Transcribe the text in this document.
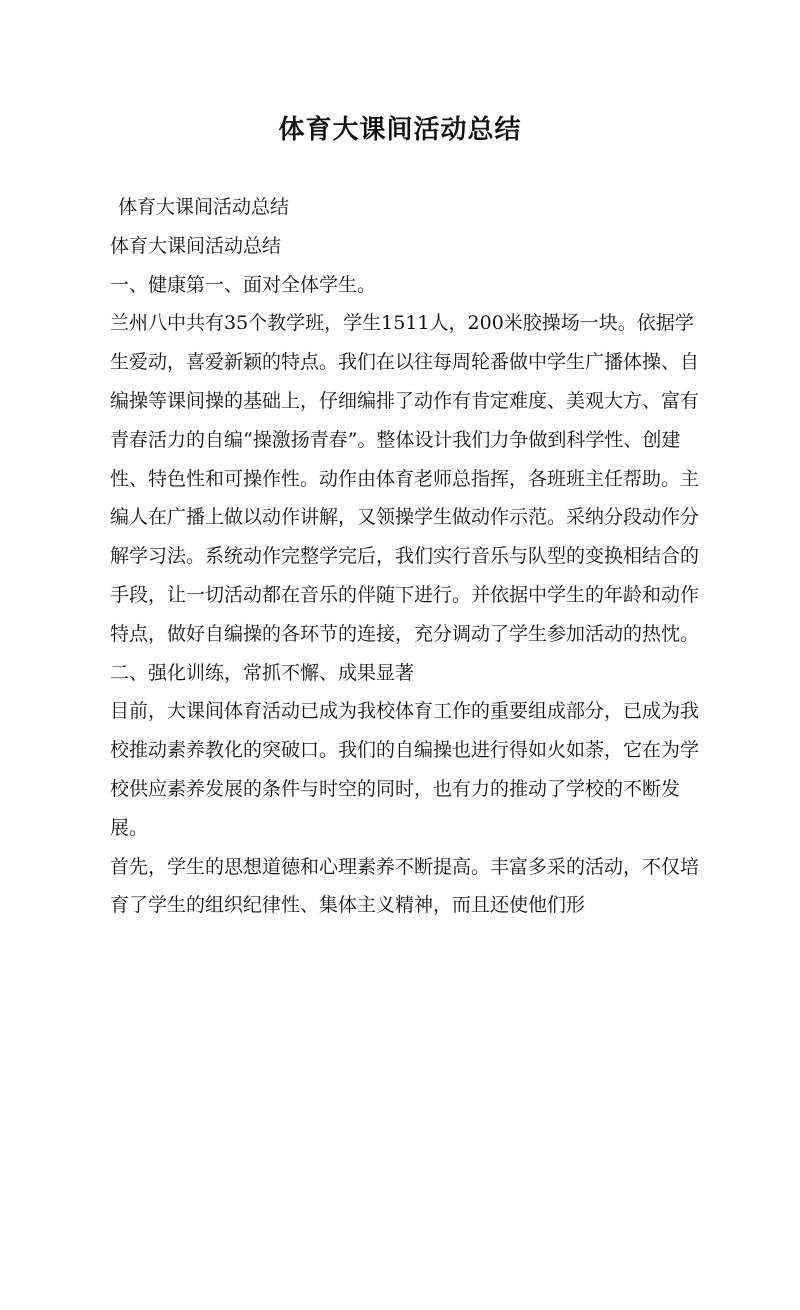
体育大课间活动总结

体育大课间活动总结

体育大课间活动总结

一、健康第一、面对全体学生。

兰州八中共有35个教学班，学生1511人，200米胶操场一块。依据学生爱动，喜爱新颖的特点。我们在以往每周轮番做中学生广播体操、自编操等课间操的基础上，仔细编排了动作有肯定难度、美观大方、富有青春活力的自编“操激扬青春”。整体设计我们力争做到科学性、创建性、特色性和可操作性。动作由体育老师总指挥，各班班主任帮助。主编人在广播上做以动作讲解，又领操学生做动作示范。采纳分段动作分解学习法。系统动作完整学完后，我们实行音乐与队型的变换相结合的手段，让一切活动都在音乐的伴随下进行。并依据中学生的年龄和动作特点，做好自编操的各环节的连接，充分调动了学生参加活动的热忱。

二、强化训练，常抓不懈、成果显著

目前，大课间体育活动已成为我校体育工作的重要组成部分，已成为我校推动素养教化的突破口。我们的自编操也进行得如火如荼，它在为学校供应素养发展的条件与时空的同时，也有力的推动了学校的不断发展。

首先，学生的思想道德和心理素养不断提高。丰富多采的活动，不仅培育了学生的组织纪律性、集体主义精神，而且还使他们形
